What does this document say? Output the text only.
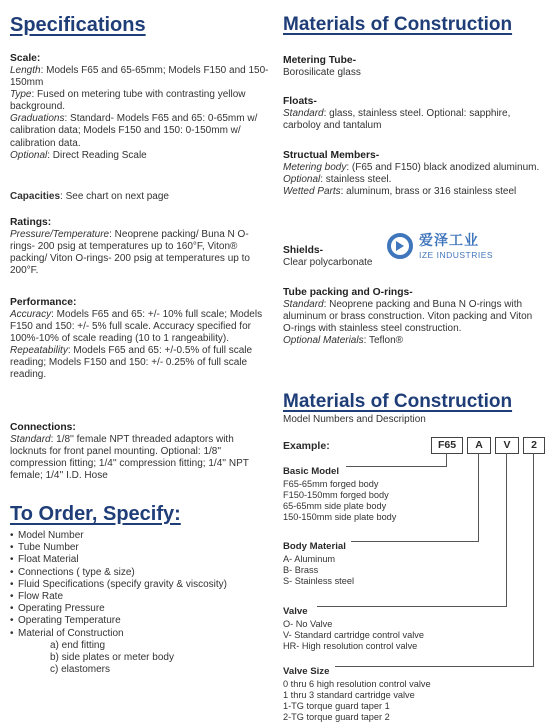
Specifications
Scale:
Length: Models F65 and 65-65mm; Models F150 and 150-150mm
Type: Fused on metering tube with contrasting yellow background.
Graduations: Standard- Models F65 and 65: 0-65mm w/ calibration data; Models F150 and 150: 0-150mm w/ calibration data.
Optional: Direct Reading Scale
Capacities: See chart on next page
Ratings:
Pressure/Temperature: Neoprene packing/ Buna N O-rings- 200 psig at temperatures up to 160°F, Viton® packing/ Viton O-rings- 200 psig at temperatures up to 200°F.
Performance:
Accuracy: Models F65 and 65: +/- 10% full scale; Models F150 and 150: +/- 5% full scale. Accuracy specified for 100%-10% of scale reading (10 to 1 rangeability).
Repeatability: Models F65 and 65: +/-0.5% of full scale reading; Models F150 and 150: +/- 0.25% of full scale reading.
Connections:
Standard: 1/8'' female NPT threaded adaptors with locknuts for front panel mounting. Optional: 1/8'' compression fitting; 1/4'' compression fitting; 1/4'' NPT female; 1/4'' I.D. Hose
To Order, Specify:
• Model Number
• Tube Number
• Float Material
• Connections ( type & size)
• Fluid Specifications (specify gravity & viscosity)
• Flow Rate
• Operating Pressure
• Operating Temperature
• Material of Construction
a) end fitting
b) side plates or meter body
c) elastomers
Materials of Construction
Metering Tube-
Borosilicate glass
Floats-
Standard: glass, stainless steel. Optional: sapphire, carboloy and tantalum
Structual Members-
Metering body: (F65 and F150) black anodized aluminum.
Optional: stainless steel.
Wetted Parts: aluminum, brass or 316 stainless steel
Shields-
Clear polycarbonate
爱泽工业
IZE INDUSTRIES
Tube packing and O-rings-
Standard: Neoprene packing and Buna N O-rings with aluminum or brass construction. Viton packing and Viton O-rings with stainless steel construction.
Optional Materials: Teflon®
Materials of Construction
Model Numbers and Description
Example:	F65	A	V	2
Basic Model
F65-65mm forged body
F150-150mm forged body
65-65mm side plate body
150-150mm side plate body
Body Material
A- Aluminum
B- Brass
S- Stainless steel
Valve
O- No Valve
V- Standard cartridge control valve
HR- High resolution control valve
Valve Size
0 thru 6 high resolution control valve
1 thru 3 standard cartridge valve
1-TG torque guard taper 1
2-TG torque guard taper 2
